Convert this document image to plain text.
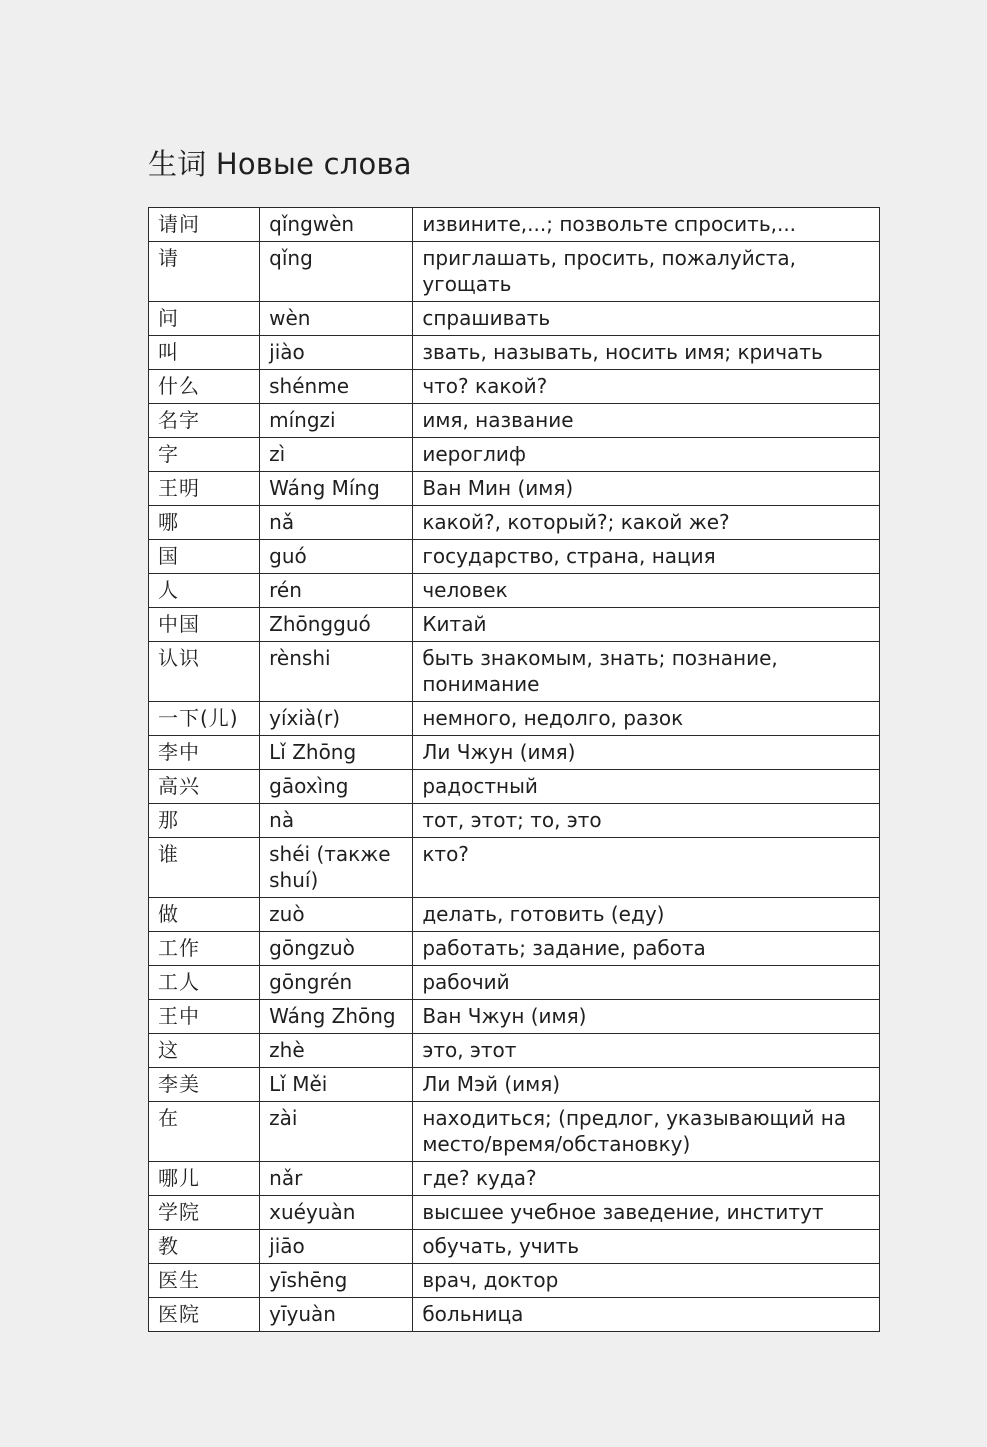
生词 Новые слова
请问	qǐngwèn	извините,...; позвольте спросить,...
请	qǐng	приглашать, просить, пожалуйста, угощать
问	wèn	спрашивать
叫	jiào	звать, называть, носить имя; кричать
什么	shénme	что? какой?
名字	míngzi	имя, название
字	zì	иероглиф
王明	Wáng Míng	Ван Мин (имя)
哪	nǎ	какой?, который?; какой же?
国	guó	государство, страна, нация
人	rén	человек
中国	Zhōngguó	Китай
认识	rènshi	быть знакомым, знать; познание, понимание
一下(儿)	yíxià(r)	немного, недолго, разок
李中	Lǐ Zhōng	Ли Чжун (имя)
高兴	gāoxìng	радостный
那	nà	тот, этот; то, это
谁	shéi (также shuí)	кто?
做	zuò	делать, готовить (еду)
工作	gōngzuò	работать; задание, работа
工人	gōngrén	рабочий
王中	Wáng Zhōng	Ван Чжун (имя)
这	zhè	это, этот
李美	Lǐ Měi	Ли Мэй (имя)
在	zài	находиться; (предлог, указывающий на место/время/обстановку)
哪儿	nǎr	где? куда?
学院	xuéyuàn	высшее учебное заведение, институт
教	jiāo	обучать, учить
医生	yīshēng	врач, доктор
医院	yīyuàn	больница
